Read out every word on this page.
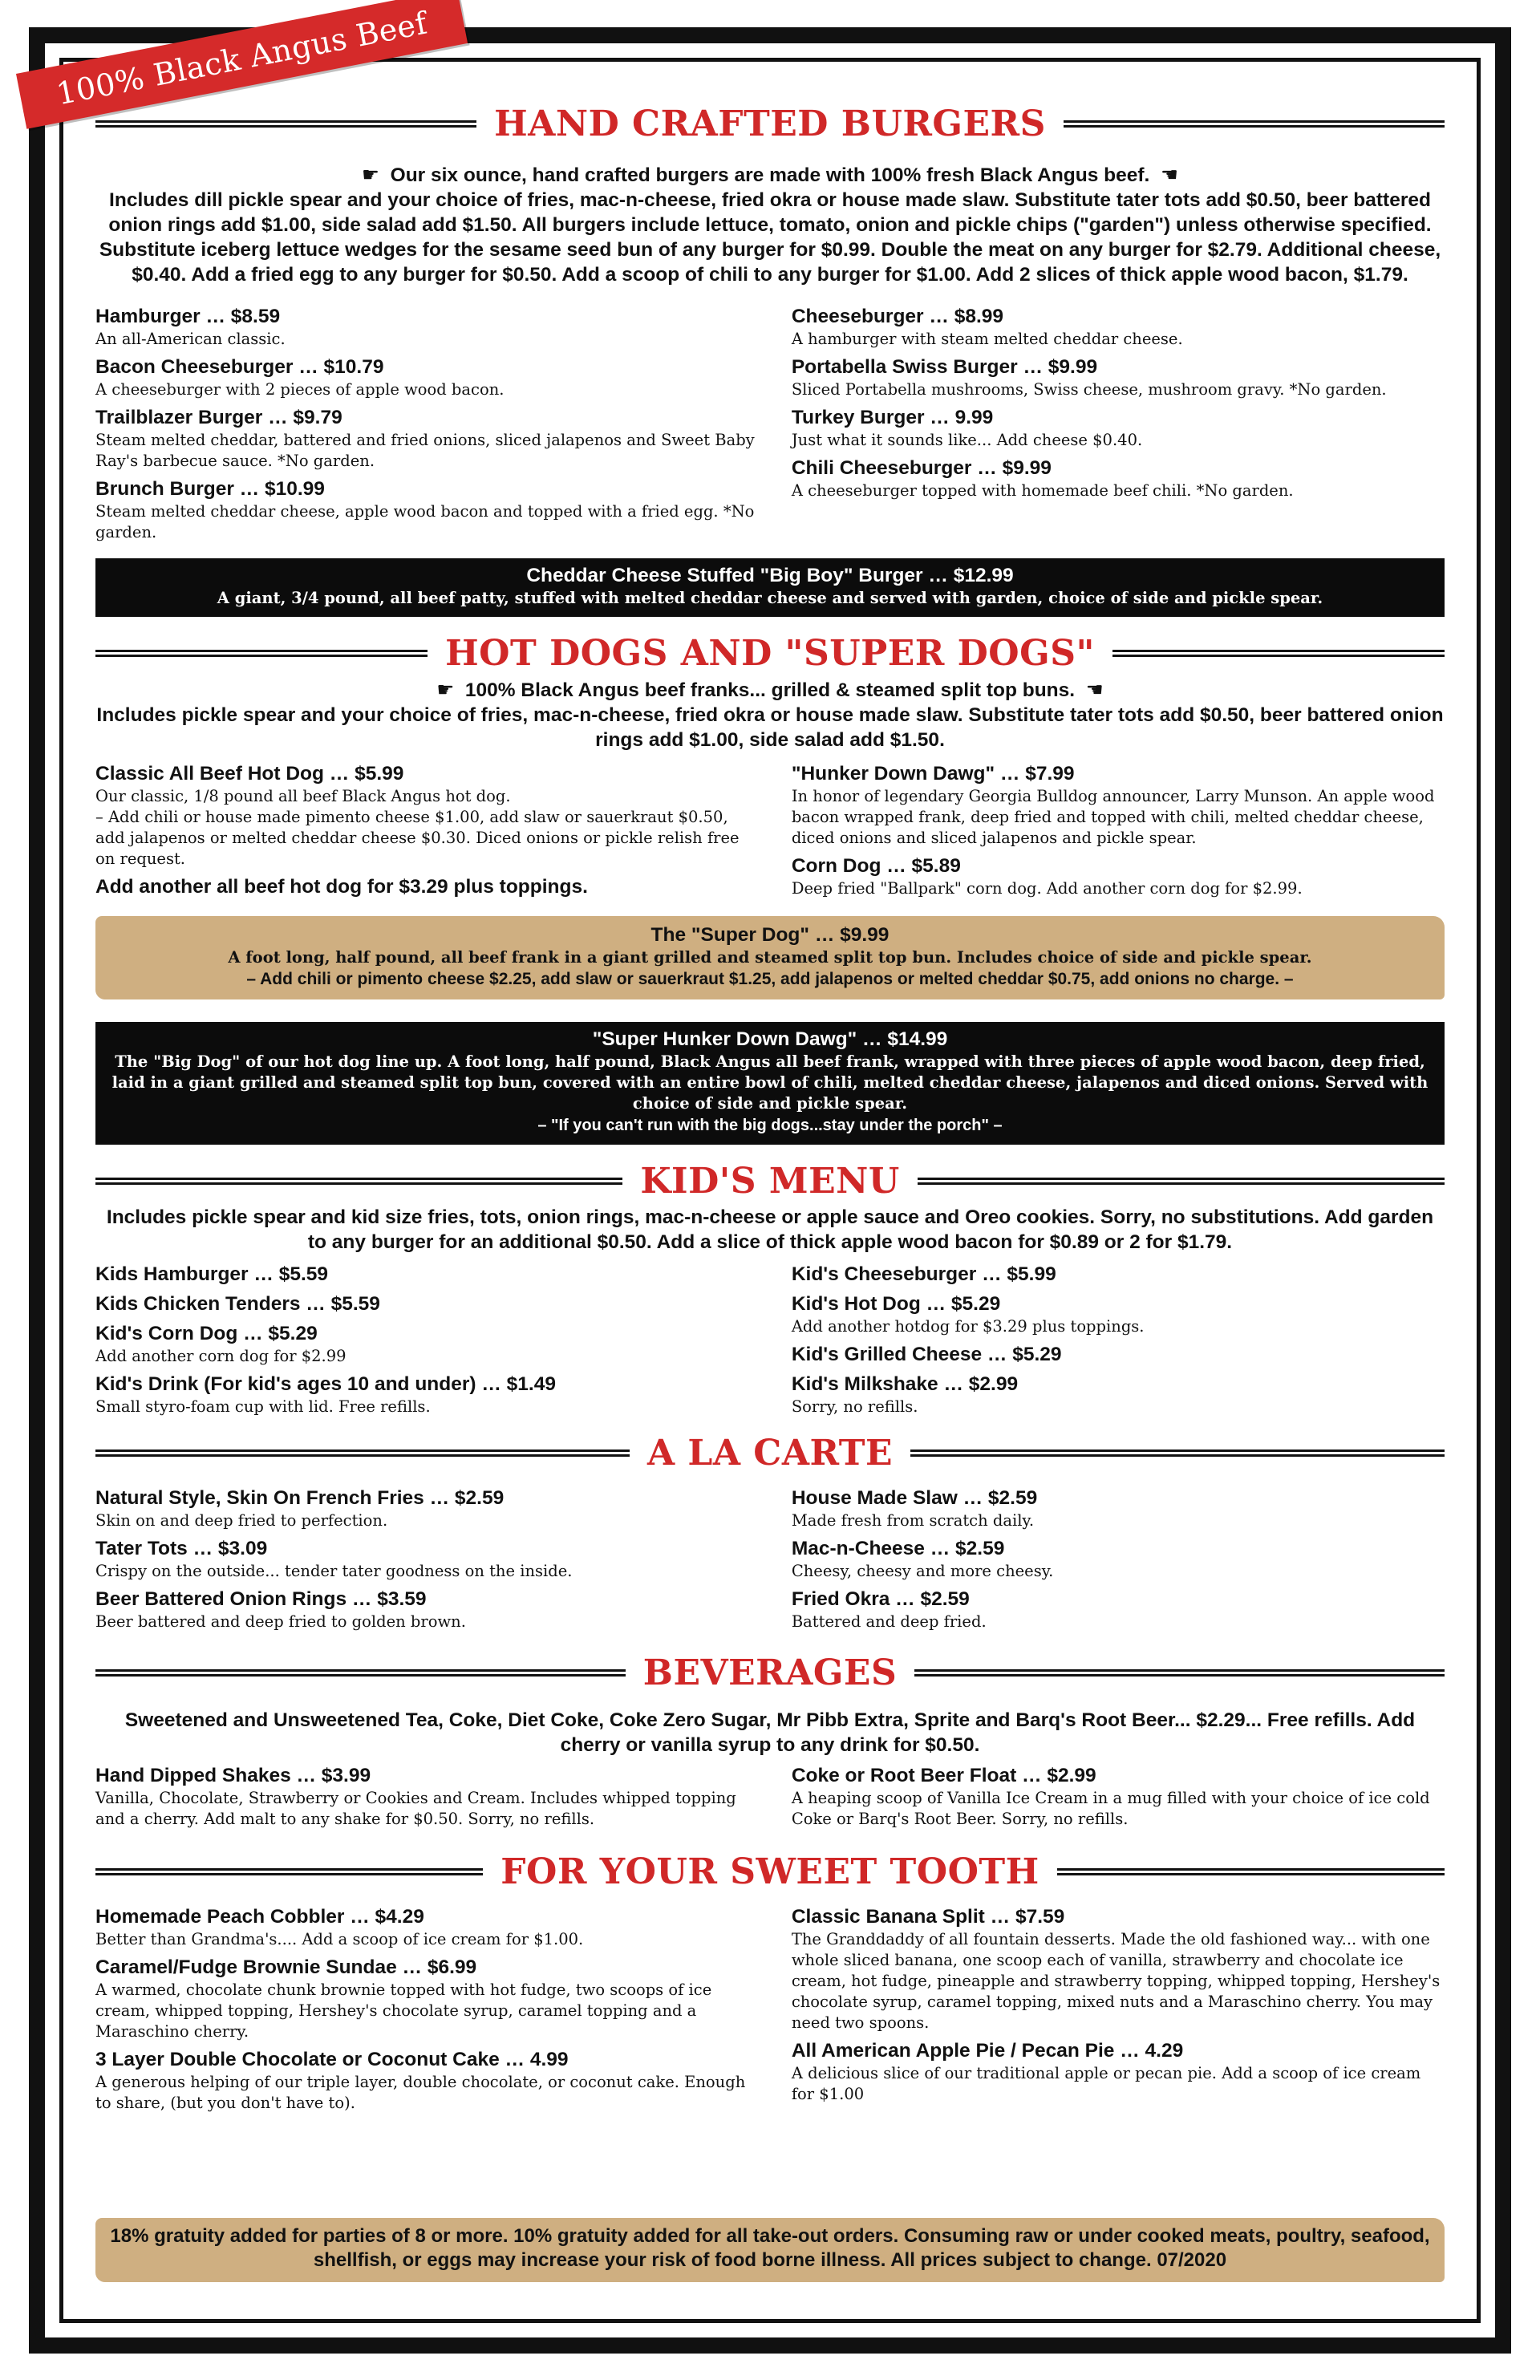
HAND CRAFTED BURGERS
☛ Our six ounce, hand crafted burgers are made with 100% fresh Black Angus beef. ☚
Includes dill pickle spear and your choice of fries, mac-n-cheese, fried okra or house made slaw. Substitute tater tots add $0.50, beer battered onion rings add $1.00, side salad add $1.50. All burgers include lettuce, tomato, onion and pickle chips ("garden") unless otherwise specified. Substitute iceberg lettuce wedges for the sesame seed bun of any burger for $0.99. Double the meat on any burger for $2.79. Additional cheese, $0.40. Add a fried egg to any burger for $0.50. Add a scoop of chili to any burger for $1.00. Add 2 slices of thick apple wood bacon, $1.79.
Hamburger … $8.59
An all-American classic.
Bacon Cheeseburger … $10.79
A cheeseburger with 2 pieces of apple wood bacon.
Trailblazer Burger … $9.79
Steam melted cheddar, battered and fried onions, sliced jalapenos and Sweet Baby Ray's barbecue sauce. *No garden.
Brunch Burger … $10.99
Steam melted cheddar cheese, apple wood bacon and topped with a fried egg. *No garden.
Cheeseburger … $8.99
A hamburger with steam melted cheddar cheese.
Portabella Swiss Burger … $9.99
Sliced Portabella mushrooms, Swiss cheese, mushroom gravy. *No garden.
Turkey Burger … 9.99
Just what it sounds like... Add cheese $0.40.
Chili Cheeseburger … $9.99
A cheeseburger topped with homemade beef chili. *No garden.
Cheddar Cheese Stuffed "Big Boy" Burger … $12.99
A giant, 3/4 pound, all beef patty, stuffed with melted cheddar cheese and served with garden, choice of side and pickle spear.
HOT DOGS AND "SUPER DOGS"
☛ 100% Black Angus beef franks... grilled & steamed split top buns. ☚
Includes pickle spear and your choice of fries, mac-n-cheese, fried okra or house made slaw. Substitute tater tots add $0.50, beer battered onion rings add $1.00, side salad add $1.50.
Classic All Beef Hot Dog … $5.99
Our classic, 1/8 pound all beef Black Angus hot dog.
– Add chili or house made pimento cheese $1.00, add slaw or sauerkraut $0.50, add jalapenos or melted cheddar cheese $0.30. Diced onions or pickle relish free on request.
Add another all beef hot dog for $3.29 plus toppings.
"Hunker Down Dawg" … $7.99
In honor of legendary Georgia Bulldog announcer, Larry Munson. An apple wood bacon wrapped frank, deep fried and topped with chili, melted cheddar cheese, diced onions and sliced jalapenos and pickle spear.
Corn Dog … $5.89
Deep fried "Ballpark" corn dog. Add another corn dog for $2.99.
The "Super Dog" … $9.99
A foot long, half pound, all beef frank in a giant grilled and steamed split top bun. Includes choice of side and pickle spear.
– Add chili or pimento cheese $2.25, add slaw or sauerkraut $1.25, add jalapenos or melted cheddar $0.75, add onions no charge. –
"Super Hunker Down Dawg" … $14.99
The "Big Dog" of our hot dog line up. A foot long, half pound, Black Angus all beef frank, wrapped with three pieces of apple wood bacon, deep fried, laid in a giant grilled and steamed split top bun, covered with an entire bowl of chili, melted cheddar cheese, jalapenos and diced onions. Served with choice of side and pickle spear.
– "If you can't run with the big dogs...stay under the porch" –
KID'S MENU
Includes pickle spear and kid size fries, tots, onion rings, mac-n-cheese or apple sauce and Oreo cookies. Sorry, no substitutions. Add garden to any burger for an additional $0.50. Add a slice of thick apple wood bacon for $0.89 or 2 for $1.79.
Kids Hamburger … $5.59
Kids Chicken Tenders … $5.59
Kid's Corn Dog … $5.29
Add another corn dog for $2.99
Kid's Drink (For kid's ages 10 and under) … $1.49
Small styro-foam cup with lid. Free refills.
Kid's Cheeseburger … $5.99
Kid's Hot Dog … $5.29
Add another hotdog for $3.29 plus toppings.
Kid's Grilled Cheese … $5.29
Kid's Milkshake … $2.99
Sorry, no refills.
A LA CARTE
Natural Style, Skin On French Fries … $2.59
Skin on and deep fried to perfection.
Tater Tots … $3.09
Crispy on the outside... tender tater goodness on the inside.
Beer Battered Onion Rings … $3.59
Beer battered and deep fried to golden brown.
House Made Slaw … $2.59
Made fresh from scratch daily.
Mac-n-Cheese … $2.59
Cheesy, cheesy and more cheesy.
Fried Okra … $2.59
Battered and deep fried.
BEVERAGES
Sweetened and Unsweetened Tea, Coke, Diet Coke, Coke Zero Sugar, Mr Pibb Extra, Sprite and Barq's Root Beer... $2.29... Free refills. Add cherry or vanilla syrup to any drink for $0.50.
Hand Dipped Shakes … $3.99
Vanilla, Chocolate, Strawberry or Cookies and Cream. Includes whipped topping and a cherry. Add malt to any shake for $0.50. Sorry, no refills.
Coke or Root Beer Float … $2.99
A heaping scoop of Vanilla Ice Cream in a mug filled with your choice of ice cold Coke or Barq's Root Beer. Sorry, no refills.
FOR YOUR SWEET TOOTH
Homemade Peach Cobbler … $4.29
Better than Grandma's.... Add a scoop of ice cream for $1.00.
Caramel/Fudge Brownie Sundae … $6.99
A warmed, chocolate chunk brownie topped with hot fudge, two scoops of ice cream, whipped topping, Hershey's chocolate syrup, caramel topping and a Maraschino cherry.
3 Layer Double Chocolate or Coconut Cake … 4.99
A generous helping of our triple layer, double chocolate, or coconut cake. Enough to share, (but you don't have to).
Classic Banana Split … $7.59
The Granddaddy of all fountain desserts. Made the old fashioned way... with one whole sliced banana, one scoop each of vanilla, strawberry and chocolate ice cream, hot fudge, pineapple and strawberry topping, whipped topping, Hershey's chocolate syrup, caramel topping, mixed nuts and a Maraschino cherry. You may need two spoons.
All American Apple Pie / Pecan Pie … 4.29
A delicious slice of our traditional apple or pecan pie. Add a scoop of ice cream for $1.00
18% gratuity added for parties of 8 or more. 10% gratuity added for all take-out orders. Consuming raw or under cooked meats, poultry, seafood, shellfish, or eggs may increase your risk of food borne illness. All prices subject to change. 07/2020
100% Black Angus Beef
